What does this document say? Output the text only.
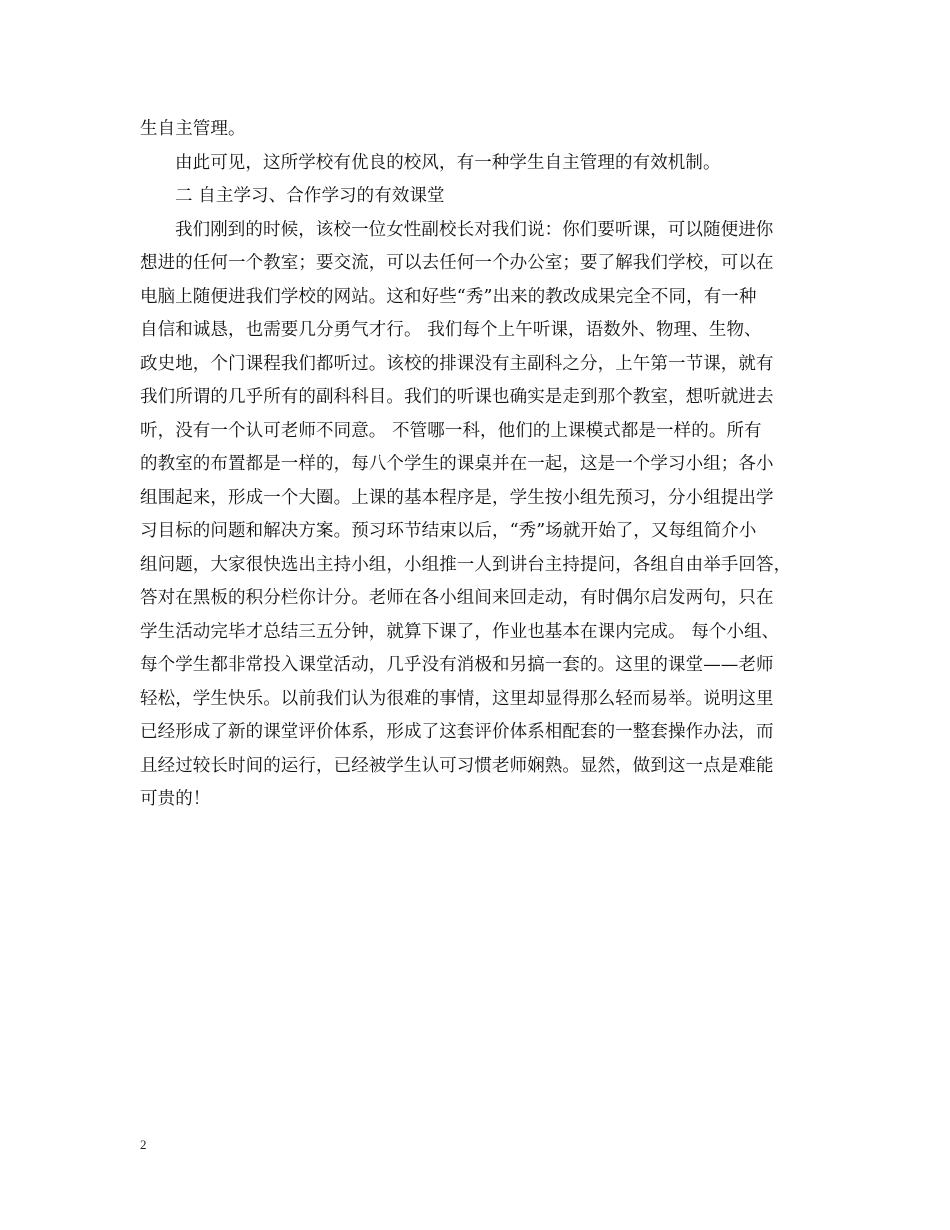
生自主管理。
由此可见，这所学校有优良的校风，有一种学生自主管理的有效机制。
二 自主学习、合作学习的有效课堂
我们刚到的时候，该校一位女性副校长对我们说：你们要听课，可以随便进你
想进的任何一个教室；要交流，可以去任何一个办公室；要了解我们学校，可以在
电脑上随便进我们学校的网站。这和好些“秀”出来的教改成果完全不同，有一种
自信和诚恳，也需要几分勇气才行。 我们每个上午听课，语数外、物理、生物、
政史地，个门课程我们都听过。该校的排课没有主副科之分，上午第一节课，就有
我们所谓的几乎所有的副科科目。我们的听课也确实是走到那个教室，想听就进去
听，没有一个认可老师不同意。 不管哪一科，他们的上课模式都是一样的。所有
的教室的布置都是一样的，每八个学生的课桌并在一起，这是一个学习小组；各小
组围起来，形成一个大圈。上课的基本程序是，学生按小组先预习，分小组提出学
习目标的问题和解决方案。预习环节结束以后，“秀”场就开始了，又每组简介小
组问题，大家很快选出主持小组，小组推一人到讲台主持提问，各组自由举手回答，
答对在黑板的积分栏你计分。老师在各小组间来回走动，有时偶尔启发两句，只在
学生活动完毕才总结三五分钟，就算下课了，作业也基本在课内完成。 每个小组、
每个学生都非常投入课堂活动，几乎没有消极和另搞一套的。这里的课堂——老师
轻松，学生快乐。以前我们认为很难的事情，这里却显得那么轻而易举。说明这里
已经形成了新的课堂评价体系，形成了这套评价体系相配套的一整套操作办法，而
且经过较长时间的运行，已经被学生认可习惯老师娴熟。显然，做到这一点是难能
可贵的！
2
